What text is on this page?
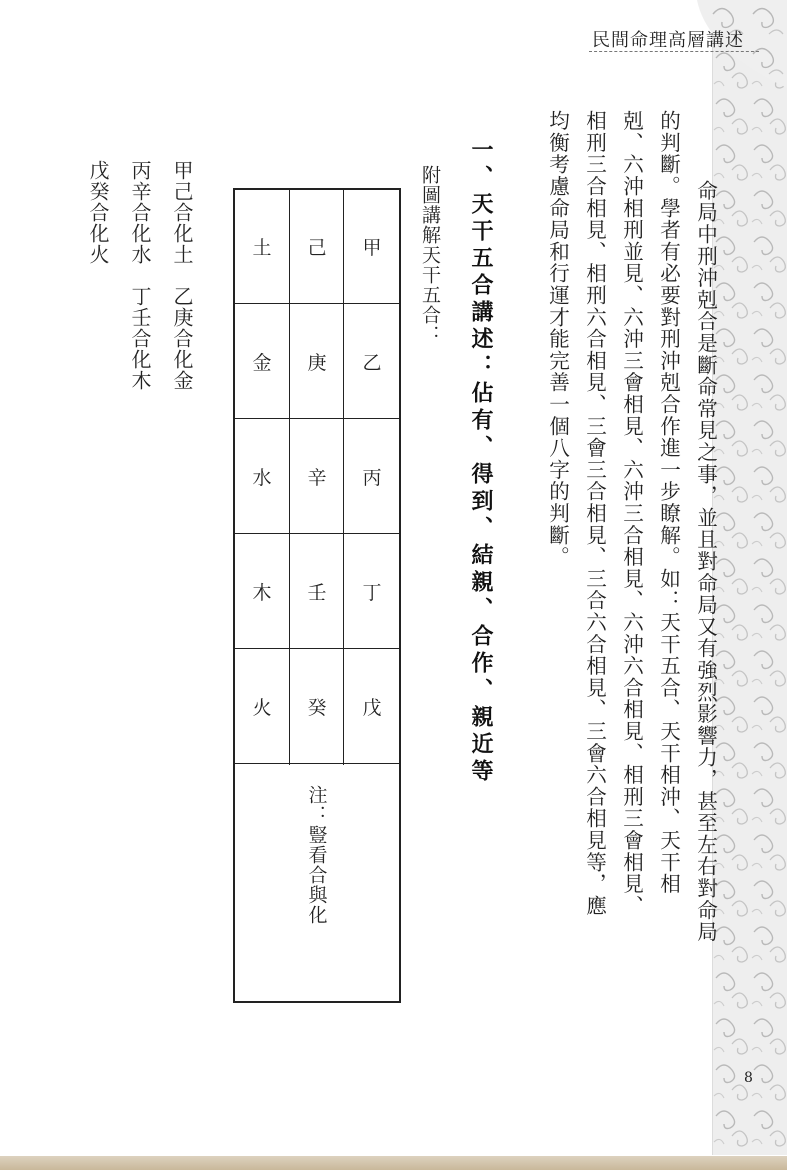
民間命理高層講述
8
　命局中刑沖剋合是斷命常見之事，並且對命局又有強烈影響力，甚至左右對命局
的判斷。學者有必要對刑沖剋合作進一步瞭解。如：天干五合、天干相沖、天干相
剋、六沖相刑並見、六沖三會相見、六沖三合相見、六沖六合相見、相刑三會相見、
相刑三合相見、相刑六合相見、三會三合相見、三合六合相見、三會六合相見等，應
均衡考慮命局和行運才能完善一個八字的判斷。
一、天干五合講述：佔有、得到、結親、合作、親近等
附圖講解天干五合：
甲
己
土
乙
庚
金
丙
辛
水
丁
壬
木
戊
癸
火
注：豎看合與化
甲己合化土　乙庚合化金
丙辛合化水　丁壬合化木
戊癸合化火
